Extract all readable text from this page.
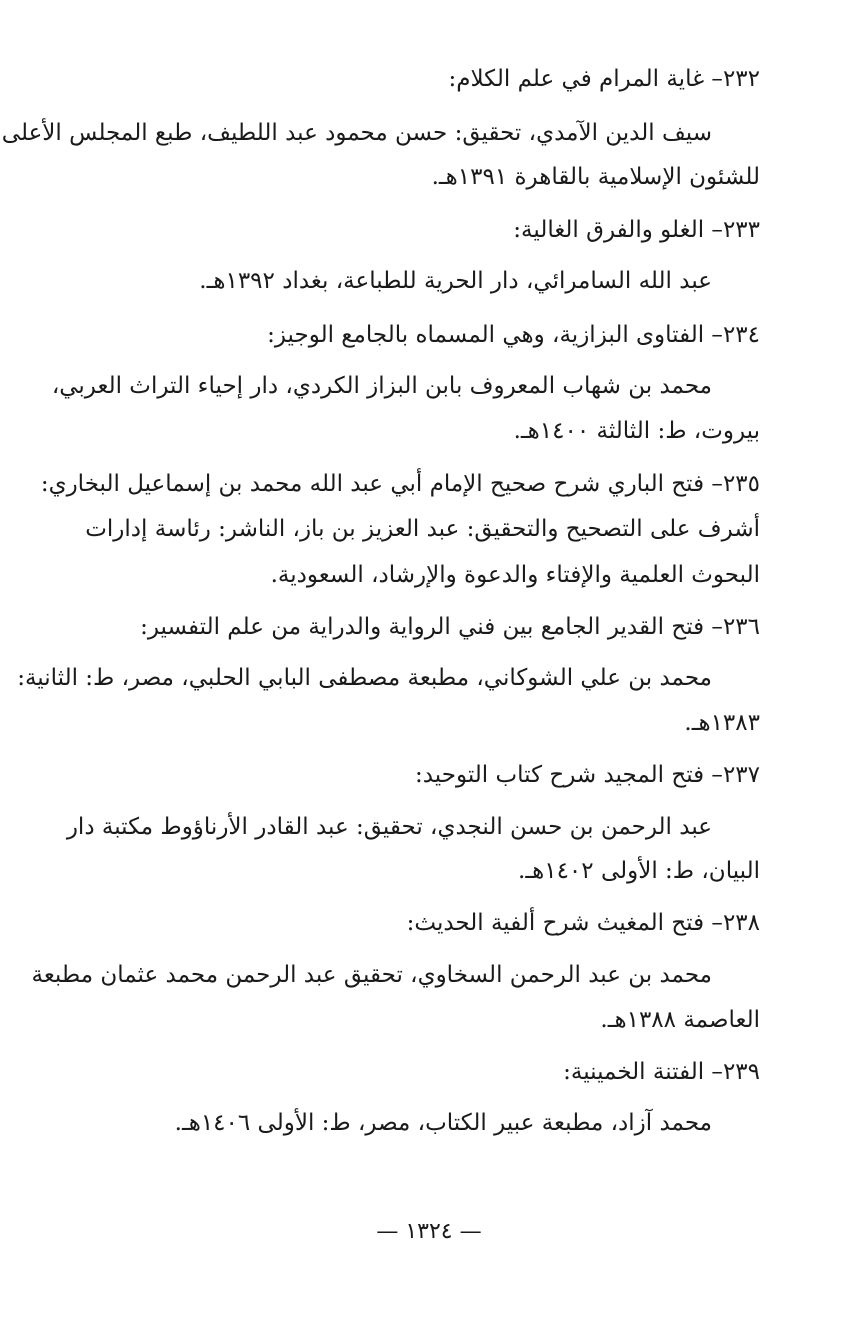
٢٣٢– غاية المرام في علم الكلام:
سيف الدين الآمدي، تحقيق: حسن محمود عبد اللطيف، طبع المجلس الأعلى
للشئون الإسلامية بالقاهرة ١٣٩١هـ.
٢٣٣– الغلو والفرق الغالية:
عبد الله السامرائي، دار الحرية للطباعة، بغداد ١٣٩٢هـ.
٢٣٤– الفتاوى البزازية، وهي المسماه بالجامع الوجيز:
محمد بن شهاب المعروف بابن البزاز الكردي، دار إحياء التراث العربي،
بيروت، ط: الثالثة ١٤٠٠هـ.
٢٣٥– فتح الباري شرح صحيح الإمام أبي عبد الله محمد بن إسماعيل البخاري:
أشرف على التصحيح والتحقيق: عبد العزيز بن باز، الناشر: رئاسة إدارات
البحوث العلمية والإفتاء والدعوة والإرشاد، السعودية.
٢٣٦– فتح القدير الجامع بين فني الرواية والدراية من علم التفسير:
محمد بن علي الشوكاني، مطبعة مصطفى البابي الحلبي، مصر، ط: الثانية:
١٣٨٣هـ.
٢٣٧– فتح المجيد شرح كتاب التوحيد:
عبد الرحمن بن حسن النجدي، تحقيق: عبد القادر الأرناؤوط مكتبة دار
البيان، ط: الأولى ١٤٠٢هـ.
٢٣٨– فتح المغيث شرح ألفية الحديث:
محمد بن عبد الرحمن السخاوي، تحقيق عبد الرحمن محمد عثمان مطبعة
العاصمة ١٣٨٨هـ.
٢٣٩– الفتنة الخمينية:
محمد آزاد، مطبعة عبير الكتاب، مصر، ط: الأولى ١٤٠٦هـ.
— ١٣٢٤ —
